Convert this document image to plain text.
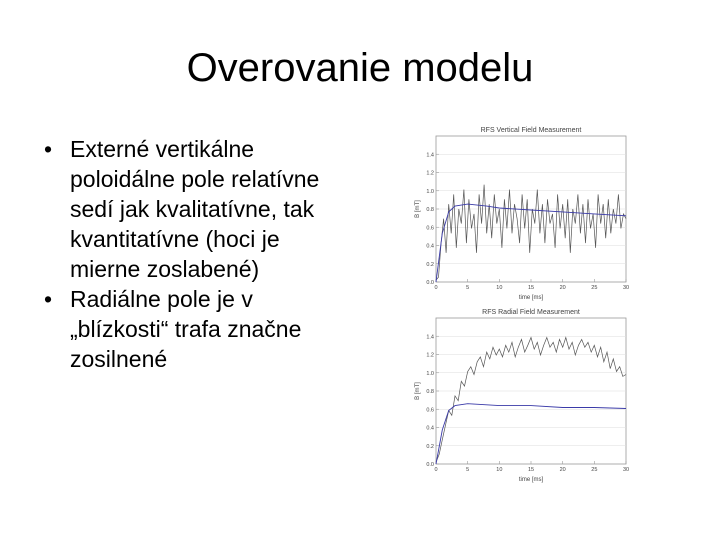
Overovanie modelu
• Externé vertikálne poloidálne pole relatívne sedí jak kvalitatívne, tak kvantitatívne (hoci je mierne zoslabené)
• Radiálne pole je v „blízkosti“ trafa značne zosilnené
RFS Vertical Field Measurement
0.0
0.2
0.4
0.6
0.8
1.0
1.2
1.4
0	5	10	15	20	25	30
time [ms]
B [mT]
RFS Radial Field Measurement
0.0
0.2
0.4
0.6
0.8
1.0
1.2
1.4
0	5	10	15	20	25	30
time [ms]
B [mT]
